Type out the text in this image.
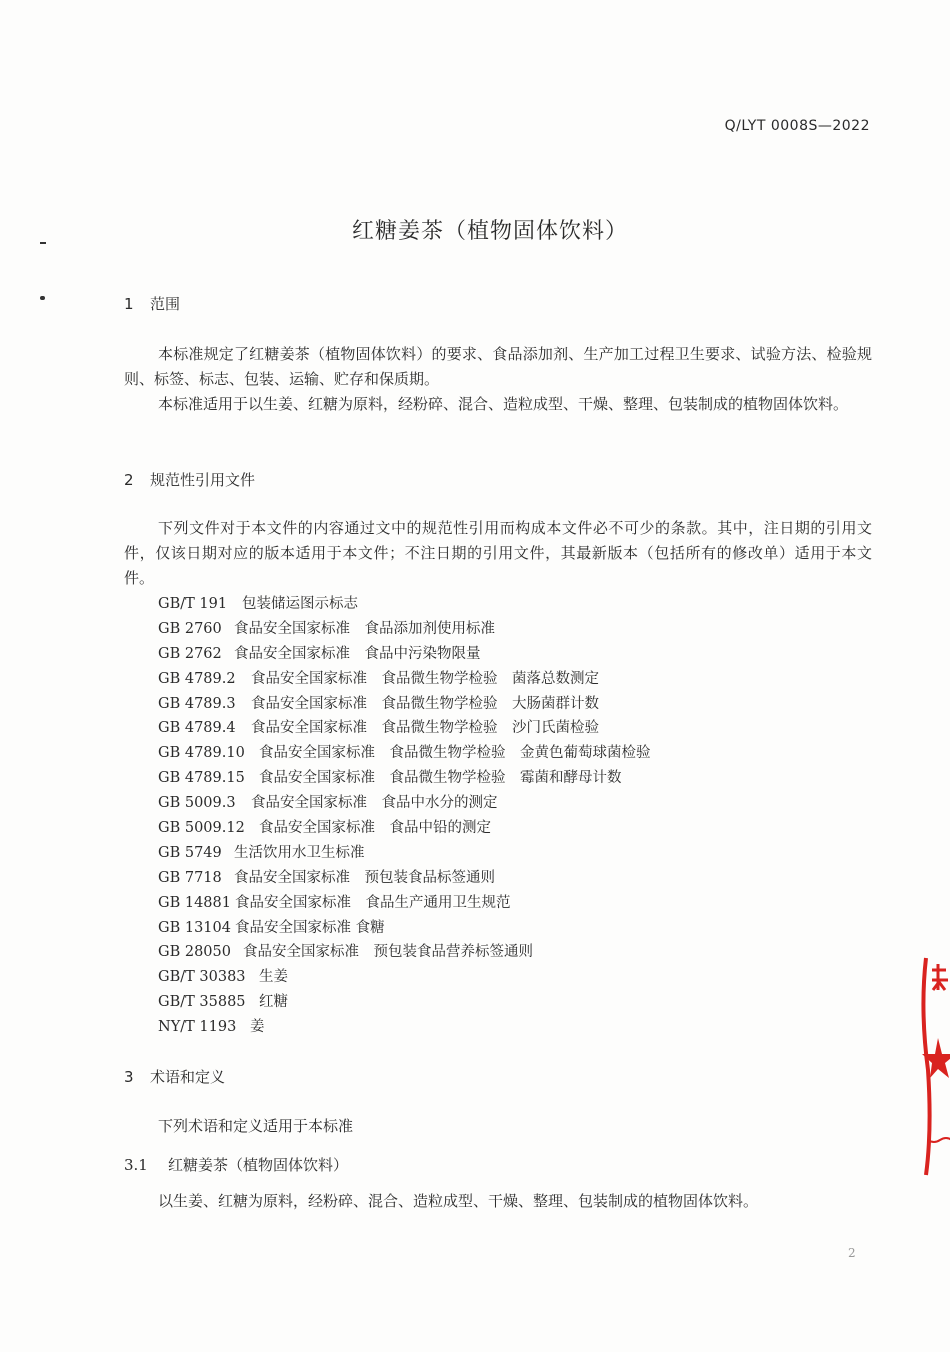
Q/LYT 0008S—2022
红糖姜茶（植物固体饮料）
1 范围

本标准规定了红糖姜茶（植物固体饮料）的要求、食品添加剂、生产加工过程卫生要求、试验方法、检验规则、标签、标志、包装、运输、贮存和保质期。

本标准适用于以生姜、红糖为原料，经粉碎、混合、造粒成型、干燥、整理、包装制成的植物固体饮料。

2 规范性引用文件

下列文件对于本文件的内容通过文中的规范性引用而构成本文件必不可少的条款。其中，注日期的引用文件，仅该日期对应的版本适用于本文件；不注日期的引用文件，其最新版本（包括所有的修改单）适用于本文件。

GB/T 191 包装储运图示标志
GB 2760 食品安全国家标准　食品添加剂使用标准
GB 2762 食品安全国家标准　食品中污染物限量
GB 4789.2 食品安全国家标准　食品微生物学检验　菌落总数测定
GB 4789.3 食品安全国家标准　食品微生物学检验　大肠菌群计数
GB 4789.4 食品安全国家标准　食品微生物学检验　沙门氏菌检验
GB 4789.10 食品安全国家标准　食品微生物学检验　金黄色葡萄球菌检验
GB 4789.15 食品安全国家标准　食品微生物学检验　霉菌和酵母计数
GB 5009.3 食品安全国家标准　食品中水分的测定
GB 5009.12 食品安全国家标准　食品中铅的测定
GB 5749 生活饮用水卫生标准
GB 7718 食品安全国家标准　预包装食品标签通则
GB 14881 食品安全国家标准　食品生产通用卫生规范
GB 13104 食品安全国家标准 食糖
GB 28050 食品安全国家标准　预包装食品营养标签通则
GB/T 30383 生姜
GB/T 35885 红糖
NY/T 1193 姜
3 术语和定义

下列术语和定义适用于本标准

3.1 红糖姜茶（植物固体饮料）

以生姜、红糖为原料，经粉碎、混合、造粒成型、干燥、整理、包装制成的植物固体饮料。

2
